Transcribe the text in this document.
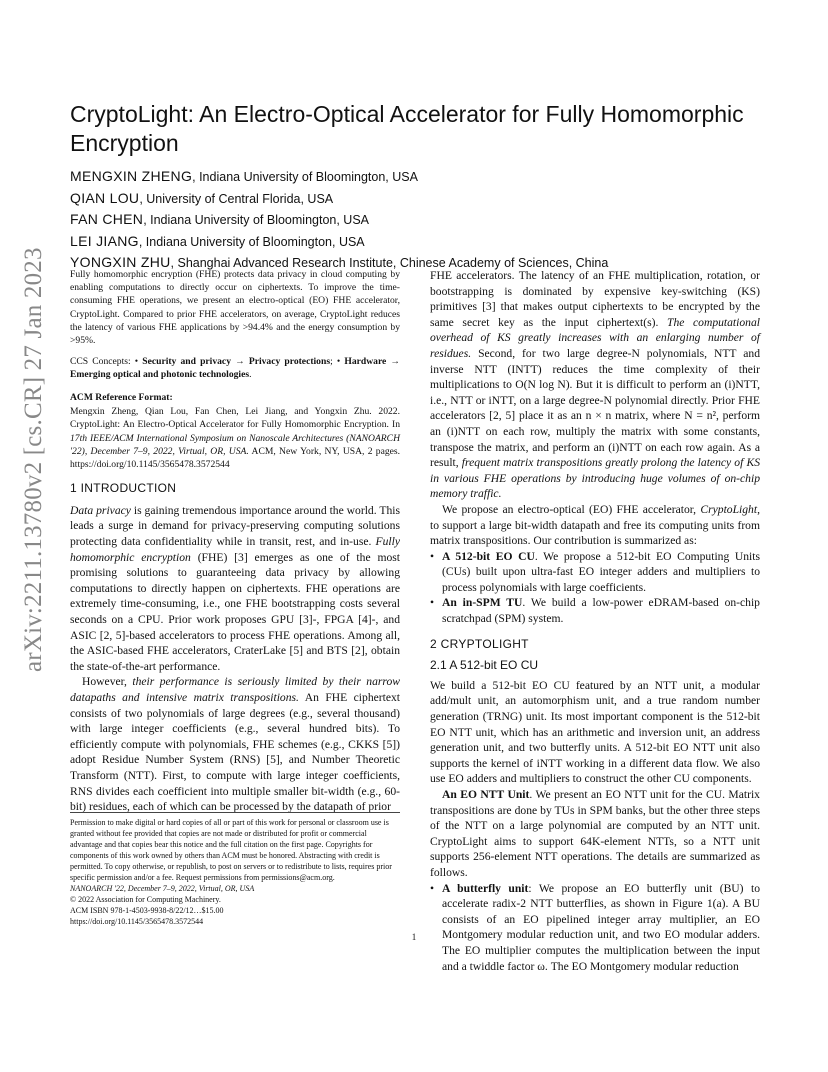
arXiv:2211.13780v2 [cs.CR] 27 Jan 2023
CryptoLight: An Electro-Optical Accelerator for Fully Homomorphic Encryption
MENGXIN ZHENG, Indiana University of Bloomington, USA
QIAN LOU, University of Central Florida, USA
FAN CHEN, Indiana University of Bloomington, USA
LEI JIANG, Indiana University of Bloomington, USA
YONGXIN ZHU, Shanghai Advanced Research Institute, Chinese Academy of Sciences, China

Fully homomorphic encryption (FHE) protects data privacy in cloud computing by enabling computations to directly occur on ciphertexts. To improve the time-consuming FHE operations, we present an electro-optical (EO) FHE accelerator, CryptoLight. Compared to prior FHE accelerators, on average, CryptoLight reduces the latency of various FHE applications by >94.4% and the energy consumption by >95%.

CCS Concepts: • Security and privacy → Privacy protections; • Hardware → Emerging optical and photonic technologies.

ACM Reference Format:

Mengxin Zheng, Qian Lou, Fan Chen, Lei Jiang, and Yongxin Zhu. 2022. CryptoLight: An Electro-Optical Accelerator for Fully Homomorphic Encryption. In 17th IEEE/ACM International Symposium on Nanoscale Architectures (NANOARCH '22), December 7–9, 2022, Virtual, OR, USA. ACM, New York, NY, USA, 2 pages. https://doi.org/10.1145/3565478.3572544

1 INTRODUCTION

Data privacy is gaining tremendous importance around the world. This leads a surge in demand for privacy-preserving computing solutions protecting data confidentiality while in transit, rest, and in-use. Fully homomorphic encryption (FHE) [3] emerges as one of the most promising solutions to guaranteeing data privacy by allowing computations to directly happen on ciphertexts. FHE operations are extremely time-consuming, i.e., one FHE bootstrapping costs several seconds on a CPU. Prior work proposes GPU [3]-, FPGA [4]-, and ASIC [2, 5]-based accelerators to process FHE operations. Among all, the ASIC-based FHE accelerators, CraterLake [5] and BTS [2], obtain the state-of-the-art performance.

However, their performance is seriously limited by their narrow datapaths and intensive matrix transpositions. An FHE ciphertext consists of two polynomials of large degrees (e.g., several thousand) with large integer coefficients (e.g., several hundred bits). To efficiently compute with polynomials, FHE schemes (e.g., CKKS [5]) adopt Residue Number System (RNS) [5], and Number Theoretic Transform (NTT). First, to compute with large integer coefficients, RNS divides each coefficient into multiple smaller bit-width (e.g., 60-bit) residues, each of which can be processed by the datapath of prior

FHE accelerators. The latency of an FHE multiplication, rotation, or bootstrapping is dominated by expensive key-switching (KS) primitives [3] that makes output ciphertexts to be encrypted by the same secret key as the input ciphertext(s). The computational overhead of KS greatly increases with an enlarging number of residues. Second, for two large degree-N polynomials, NTT and inverse NTT (INTT) reduces the time complexity of their multiplications to O(N log N). But it is difficult to perform an (i)NTT, i.e., NTT or iNTT, on a large degree-N polynomial directly. Prior FHE accelerators [2, 5] place it as an n × n matrix, where N = n², perform an (i)NTT on each row, multiply the matrix with some constants, transpose the matrix, and perform an (i)NTT on each row again. As a result, frequent matrix transpositions greatly prolong the latency of KS in various FHE operations by introducing huge volumes of on-chip memory traffic.

We propose an electro-optical (EO) FHE accelerator, CryptoLight, to support a large bit-width datapath and free its computing units from matrix transpositions. Our contribution is summarized as:

• A 512-bit EO CU. We propose a 512-bit EO Computing Units (CUs) built upon ultra-fast EO integer adders and multipliers to process polynomials with large coefficients.
• An in-SPM TU. We build a low-power eDRAM-based on-chip scratchpad (SPM) system.
2 CRYPTOLIGHT
2.1 A 512-bit EO CU

We build a 512-bit EO CU featured by an NTT unit, a modular add/mult unit, an automorphism unit, and a true random number generation (TRNG) unit. Its most important component is the 512-bit EO NTT unit, which has an arithmetic and inversion unit, an address generation unit, and two butterfly units. A 512-bit EO NTT unit also supports the kernel of iNTT working in a different data flow. We also use EO adders and multipliers to construct the other CU components.

An EO NTT Unit. We present an EO NTT unit for the CU. Matrix transpositions are done by TUs in SPM banks, but the other three steps of the NTT on a large polynomial are computed by an NTT unit. CryptoLight aims to support 64K-element NTTs, so a NTT unit supports 256-element NTT operations. The details are summarized as follows.

• A butterfly unit: We propose an EO butterfly unit (BU) to accelerate radix-2 NTT butterflies, as shown in Figure 1(a). A BU consists of an EO pipelined integer array multiplier, an EO Montgomery modular reduction unit, and two EO modular adders. The EO multiplier computes the multiplication between the input and a twiddle factor ω. The EO Montgomery modular reduction
Permission to make digital or hard copies of all or part of this work for personal or classroom use is granted without fee provided that copies are not made or distributed for profit or commercial advantage and that copies bear this notice and the full citation on the first page. Copyrights for components of this work owned by others than ACM must be honored. Abstracting with credit is permitted. To copy otherwise, or republish, to post on servers or to redistribute to lists, requires prior specific permission and/or a fee. Request permissions from permissions@acm.org.
NANOARCH '22, December 7–9, 2022, Virtual, OR, USA
© 2022 Association for Computing Machinery.
ACM ISBN 978-1-4503-9938-8/22/12…$15.00
https://doi.org/10.1145/3565478.3572544
1
